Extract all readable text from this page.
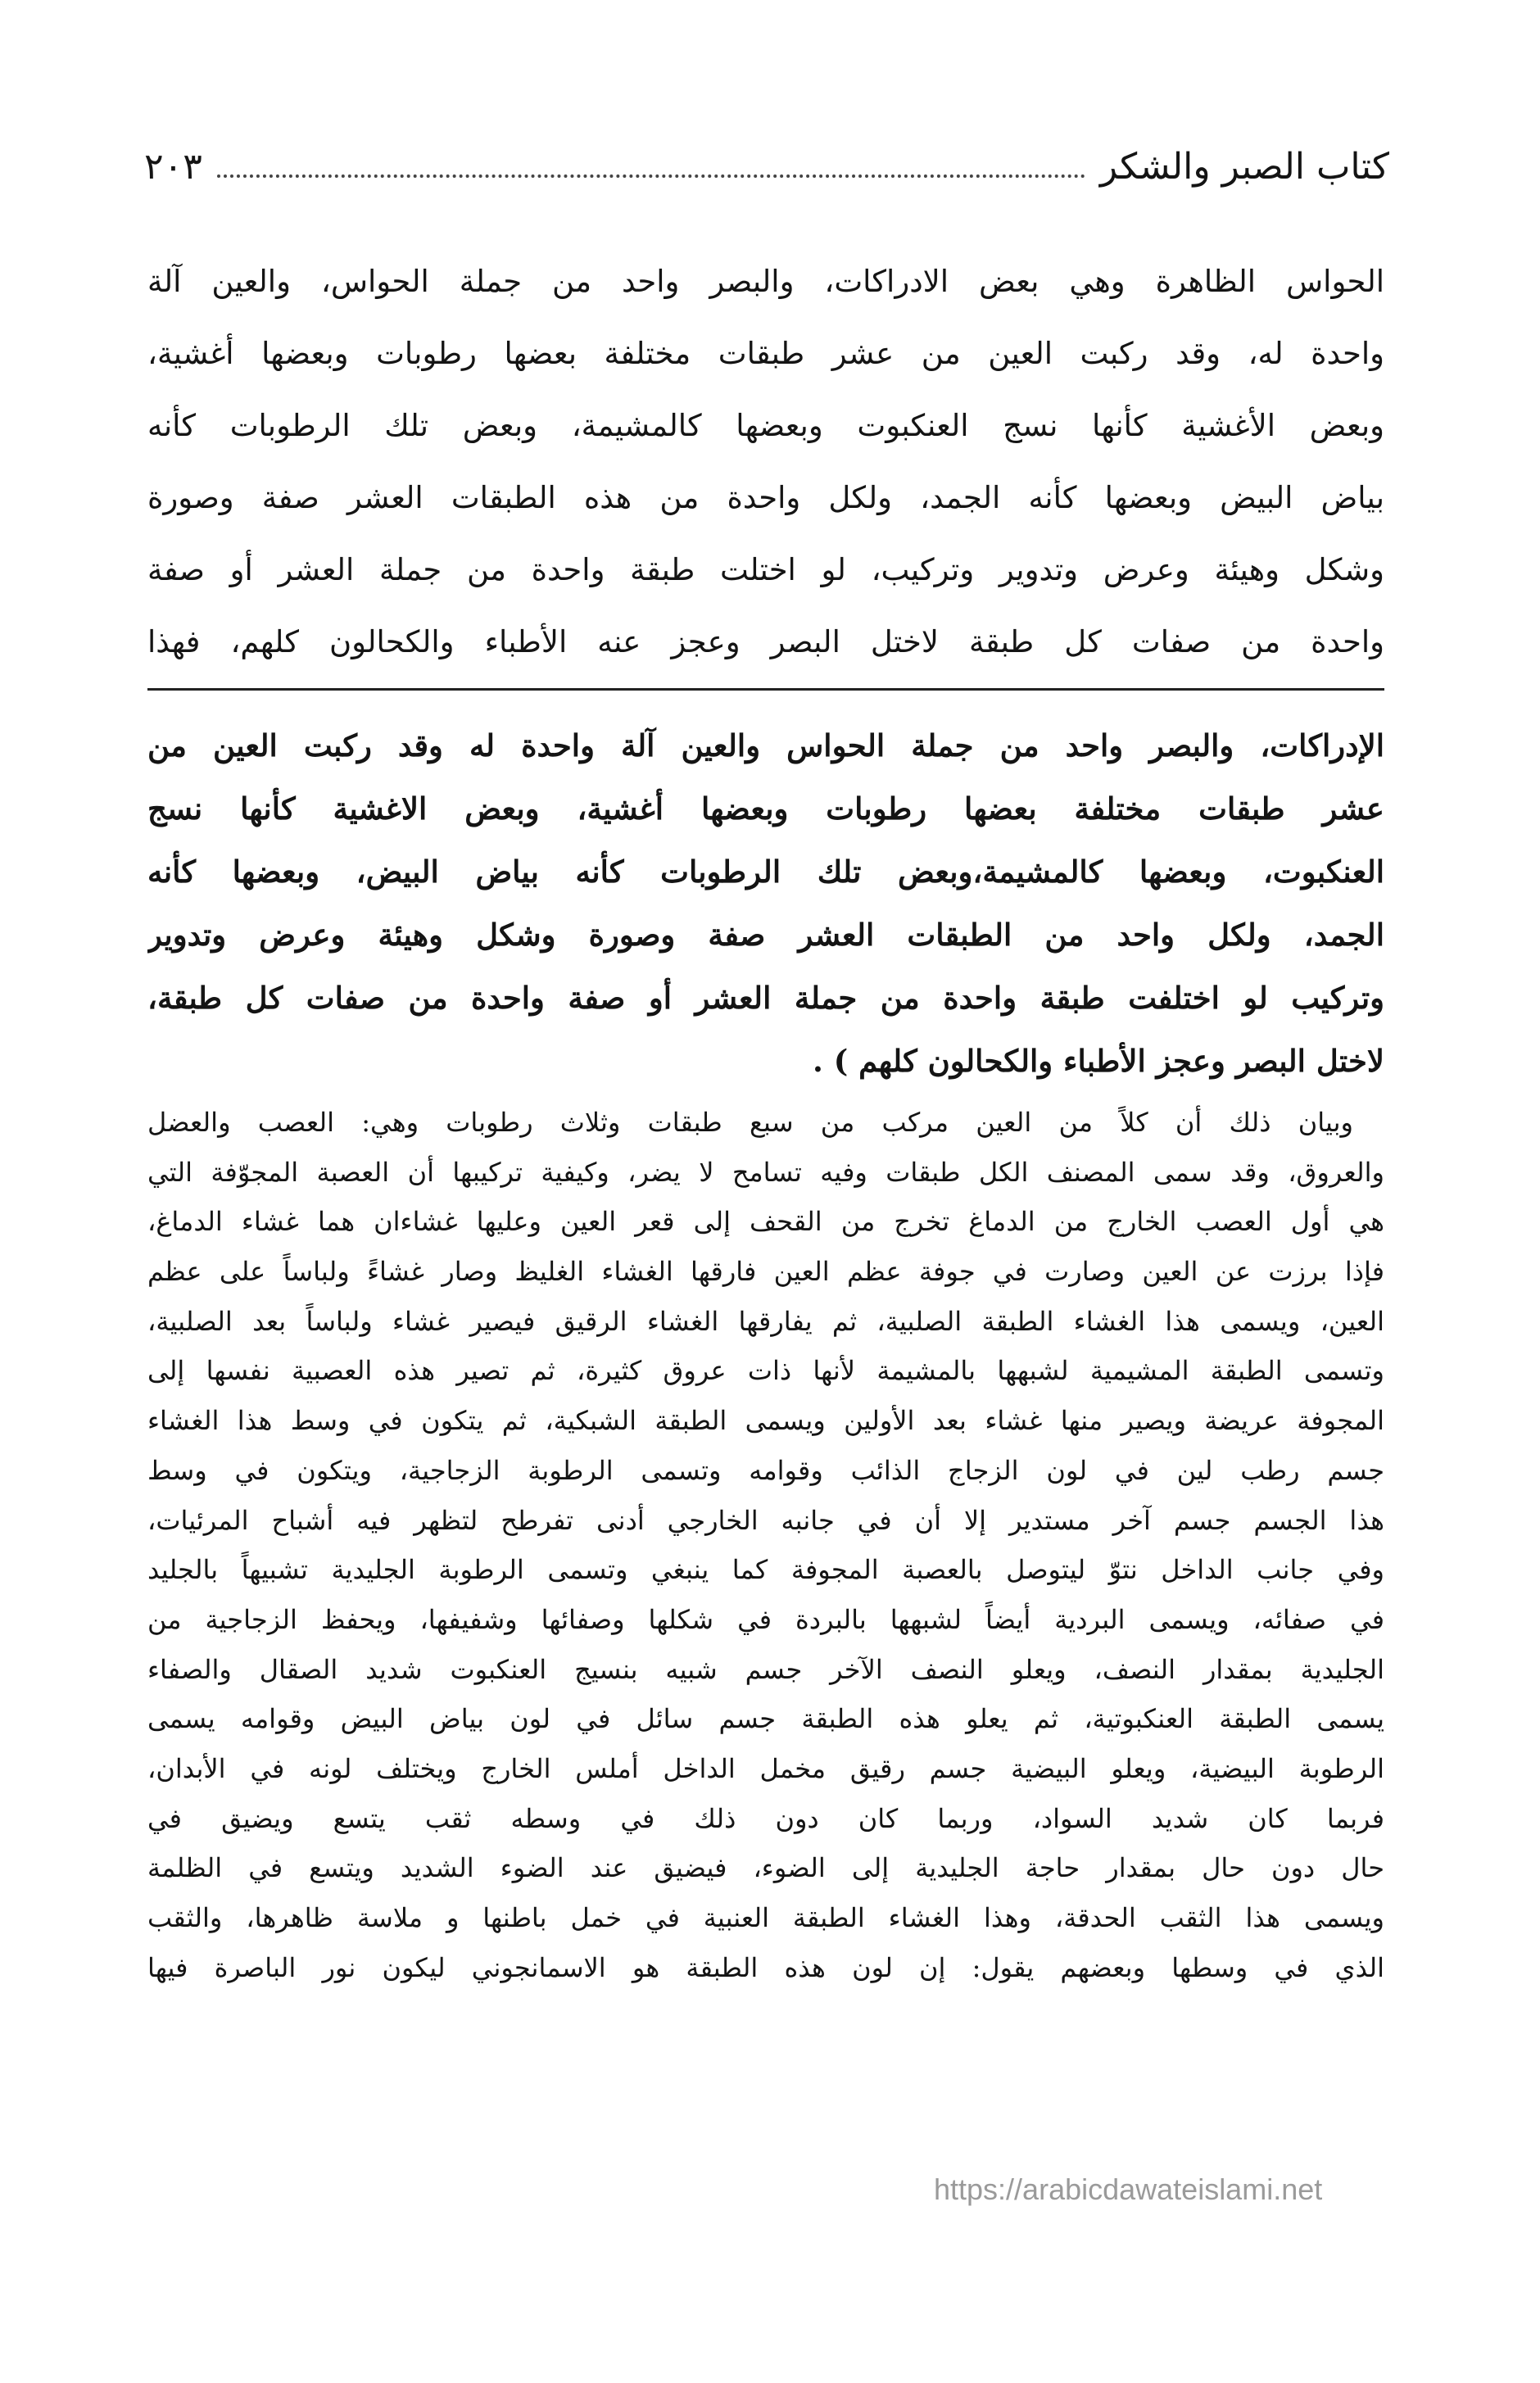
كتاب الصبر والشكر
٢٠٣
الحواس الظاهرة وهي بعض الادراكات، والبصر واحد من جملة الحواس، والعين آلة
واحدة له، وقد ركبت العين من عشر طبقات مختلفة بعضها رطوبات وبعضها أغشية،
وبعض الأغشية كأنها نسج العنكبوت وبعضها كالمشيمة، وبعض تلك الرطوبات كأنه
بياض البيض وبعضها كأنه الجمد، ولكل واحدة من هذه الطبقات العشر صفة وصورة
وشكل وهيئة وعرض وتدوير وتركيب، لو اختلت طبقة واحدة من جملة العشر أو صفة
واحدة من صفات كل طبقة لاختل البصر وعجز عنه الأطباء والكحالون كلهم، فهذا
الإدراكات، والبصر واحد من جملة الحواس والعين آلة واحدة له وقد ركبت العين من
عشر طبقات مختلفة بعضها رطوبات وبعضها أغشية، وبعض الاغشية كأنها نسج
العنكبوت، وبعضها كالمشيمة،وبعض تلك الرطوبات كأنه بياض البيض، وبعضها كأنه
الجمد، ولكل واحد من الطبقات العشر صفة وصورة وشكل وهيئة وعرض وتدوير
وتركيب لو اختلفت طبقة واحدة من جملة العشر أو صفة واحدة من صفات كل طبقة،
لاختل البصر وعجز الأطباء والكحالون كلهم ) .
وبيان ذلك أن كلاً من العين مركب من سبع طبقات وثلاث رطوبات وهي: العصب والعضل
والعروق، وقد سمى المصنف الكل طبقات وفيه تسامح لا يضر، وكيفية تركيبها أن العصبة المجوّفة التي
هي أول العصب الخارج من الدماغ تخرج من القحف إلى قعر العين وعليها غشاءان هما غشاء الدماغ،
فإذا برزت عن العين وصارت في جوفة عظم العين فارقها الغشاء الغليظ وصار غشاءً ولباساً على عظم
العين، ويسمى هذا الغشاء الطبقة الصلبية، ثم يفارقها الغشاء الرقيق فيصير غشاء ولباساً بعد الصلبية،
وتسمى الطبقة المشيمية لشبهها بالمشيمة لأنها ذات عروق كثيرة، ثم تصير هذه العصبية نفسها إلى
المجوفة عريضة ويصير منها غشاء بعد الأولين ويسمى الطبقة الشبكية، ثم يتكون في وسط هذا الغشاء
جسم رطب لين في لون الزجاج الذائب وقوامه وتسمى الرطوبة الزجاجية، ويتكون في وسط
هذا الجسم جسم آخر مستدير إلا أن في جانبه الخارجي أدنى تفرطح لتظهر فيه أشباح المرئيات،
وفي جانب الداخل نتوّ ليتوصل بالعصبة المجوفة كما ينبغي وتسمى الرطوبة الجليدية تشبيهاً بالجليد
في صفائه، ويسمى البردية أيضاً لشبهها بالبردة في شكلها وصفائها وشفيفها، ويحفظ الزجاجية من
الجليدية بمقدار النصف، ويعلو النصف الآخر جسم شبيه بنسيج العنكبوت شديد الصقال والصفاء
يسمى الطبقة العنكبوتية، ثم يعلو هذه الطبقة جسم سائل في لون بياض البيض وقوامه يسمى
الرطوبة البيضية، ويعلو البيضية جسم رقيق مخمل الداخل أملس الخارج ويختلف لونه في الأبدان،
فربما كان شديد السواد، وربما كان دون ذلك في وسطه ثقب يتسع ويضيق في
حال دون حال بمقدار حاجة الجليدية إلى الضوء، فيضيق عند الضوء الشديد ويتسع في الظلمة
ويسمى هذا الثقب الحدقة، وهذا الغشاء الطبقة العنبية في خمل باطنها و ملاسة ظاهرها، والثقب
الذي في وسطها وبعضهم يقول: إن لون هذه الطبقة هو الاسمانجوني ليكون نور الباصرة فيها
https://arabicdawateislami.net
